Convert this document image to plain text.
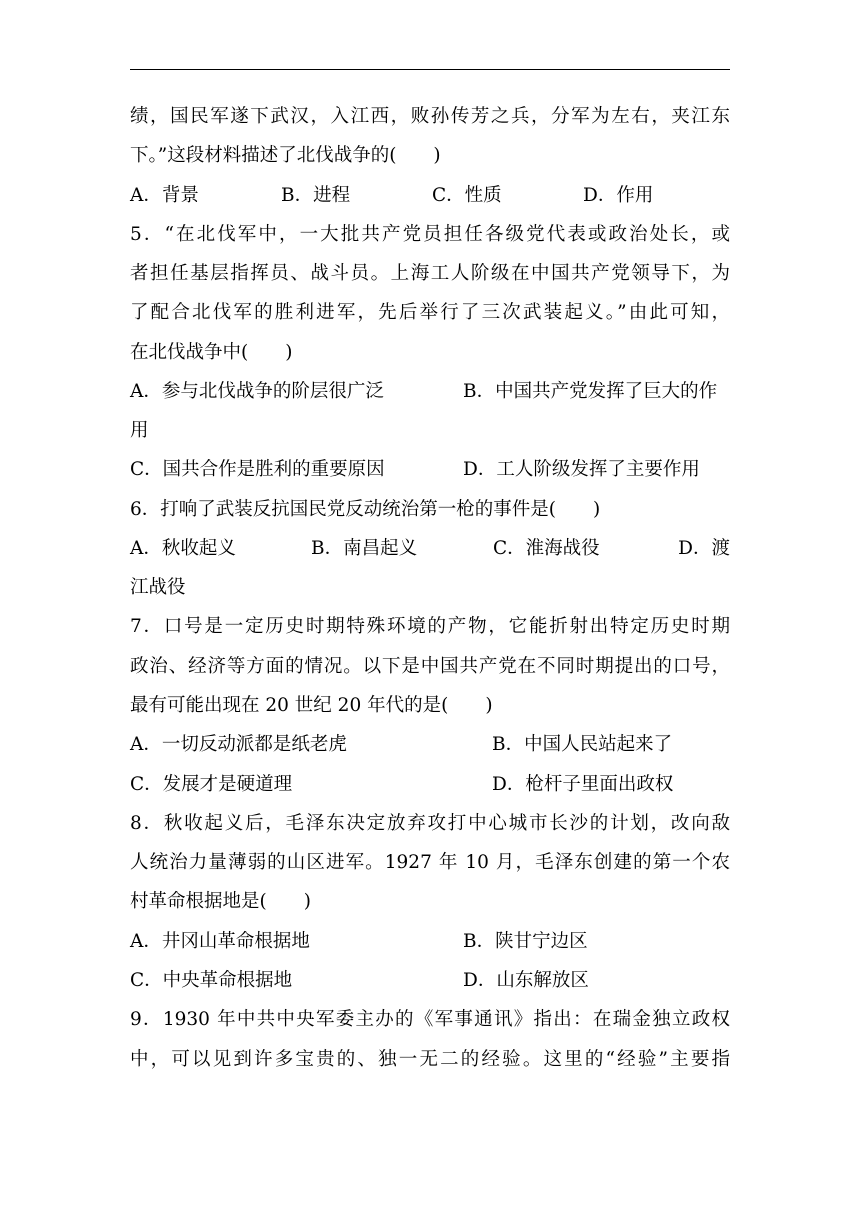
绩，国民军遂下武汉，入江西，败孙传芳之兵，分军为左右，夹江东
下。”这段材料描述了北伐战争的(　　)
A．背景	B．进程	C．性质	D．作用
5．“在北伐军中，一大批共产党员担任各级党代表或政治处长，或
者担任基层指挥员、战斗员。上海工人阶级在中国共产党领导下，为
了配合北伐军的胜利进军，先后举行了三次武装起义。”由此可知，
在北伐战争中(　　)
A．参与北伐战争的阶层很广泛	B．中国共产党发挥了巨大的作
用
C．国共合作是胜利的重要原因	D．工人阶级发挥了主要作用
6．打响了武装反抗国民党反动统治第一枪的事件是(　　)
A．秋收起义	B．南昌起义	C．淮海战役	D．渡
江战役
7．口号是一定历史时期特殊环境的产物，它能折射出特定历史时期
政治、经济等方面的情况。以下是中国共产党在不同时期提出的口号，
最有可能出现在 20 世纪 20 年代的是(　　)
A．一切反动派都是纸老虎	B．中国人民站起来了
C．发展才是硬道理	D．枪杆子里面出政权
8．秋收起义后，毛泽东决定放弃攻打中心城市长沙的计划，改向敌
人统治力量薄弱的山区进军。1927 年 10 月，毛泽东创建的第一个农
村革命根据地是(　　)
A．井冈山革命根据地	B．陕甘宁边区
C．中央革命根据地	D．山东解放区
9．1930 年中共中央军委主办的《军事通讯》指出：在瑞金独立政权
中，可以见到许多宝贵的、独一无二的经验。这里的“经验”主要指
